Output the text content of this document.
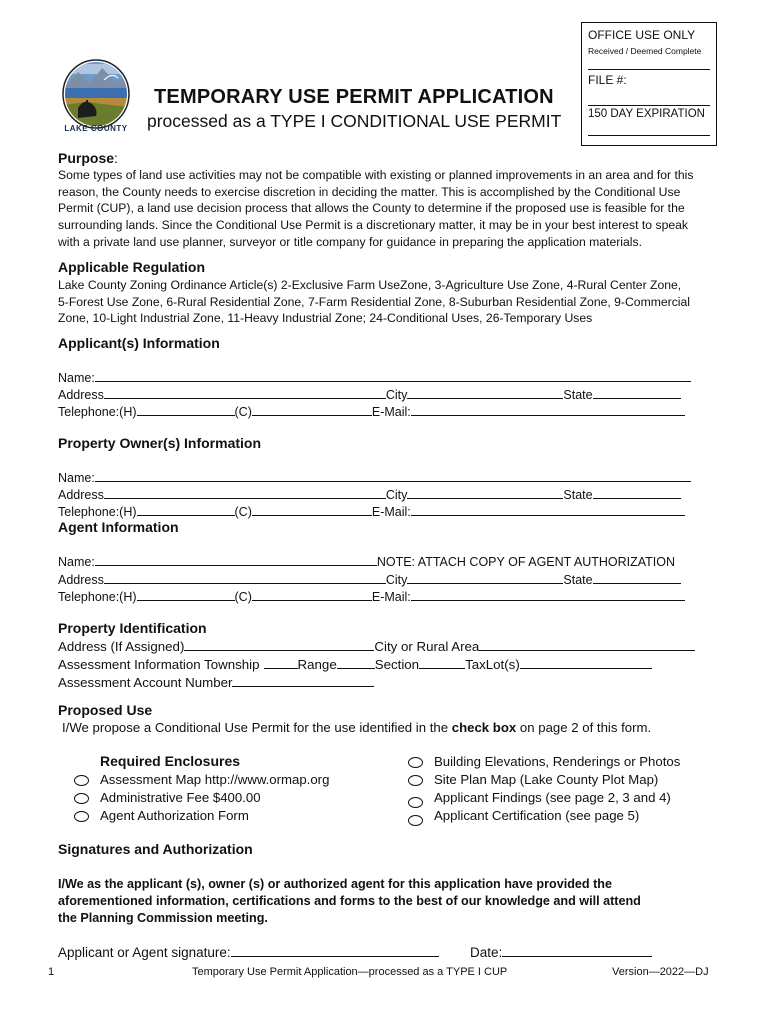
LAKE COUNTY
TEMPORARY USE PERMIT APPLICATION
processed as a TYPE I CONDITIONAL USE PERMIT
OFFICE USE ONLY
Received / Deemed Complete
FILE #:
150 DAY EXPIRATION
Purpose:
Some types of land use activities may not be compatible with existing or planned improvements in an area and for this
reason, the County needs to exercise discretion in deciding the matter. This is accomplished by the Conditional Use
Permit (CUP), a land use decision process that allows the County to determine if the proposed use is feasible for the
surrounding lands. Since the Conditional Use Permit is a discretionary matter, it may be in your best interest to speak
with a private land use planner, surveyor or title company for guidance in preparing the application materials.
Applicable Regulation
Lake County Zoning Ordinance Article(s) 2-Exclusive Farm UseZone, 3-Agriculture Use Zone, 4-Rural Center Zone,
5-Forest Use Zone, 6-Rural Residential Zone, 7-Farm Residential Zone, 8-Suburban Residential Zone, 9-Commercial
Zone, 10-Light Industrial Zone, 11-Heavy Industrial Zone; 24-Conditional Uses, 26-Temporary Uses
Applicant(s) Information
Name:
Address	City	State
Telephone:(H)	(C)	E-Mail:
Property Owner(s) Information
Name:
Address	City	State
Telephone:(H)	(C)	E-Mail:
Agent Information
Name:	NOTE: ATTACH COPY OF AGENT AUTHORIZATION
Address	City	State
Telephone:(H)	(C)	E-Mail:
Property Identification
Address (If Assigned)	City or Rural Area
Assessment Information Township	Range	Section	TaxLot(s)
Assessment Account Number
Proposed Use
I/We propose a Conditional Use Permit for the use identified in the check box on page 2 of this form.
Required Enclosures
Assessment Map http://www.ormap.org
Administrative Fee $400.00
Agent Authorization Form
Building Elevations, Renderings or Photos
Site Plan Map (Lake County Plot Map)
Applicant Findings (see page 2, 3 and 4)
Applicant Certification (see page 5)
Signatures and Authorization
I/We as the applicant (s), owner (s) or authorized agent for this application have provided the
aforementioned information, certifications and forms to the best of our knowledge and will attend
the Planning Commission meeting.
Applicant or Agent signature:	Date:
1	Temporary Use Permit Application—processed as a TYPE I CUP	Version—2022—DJ
